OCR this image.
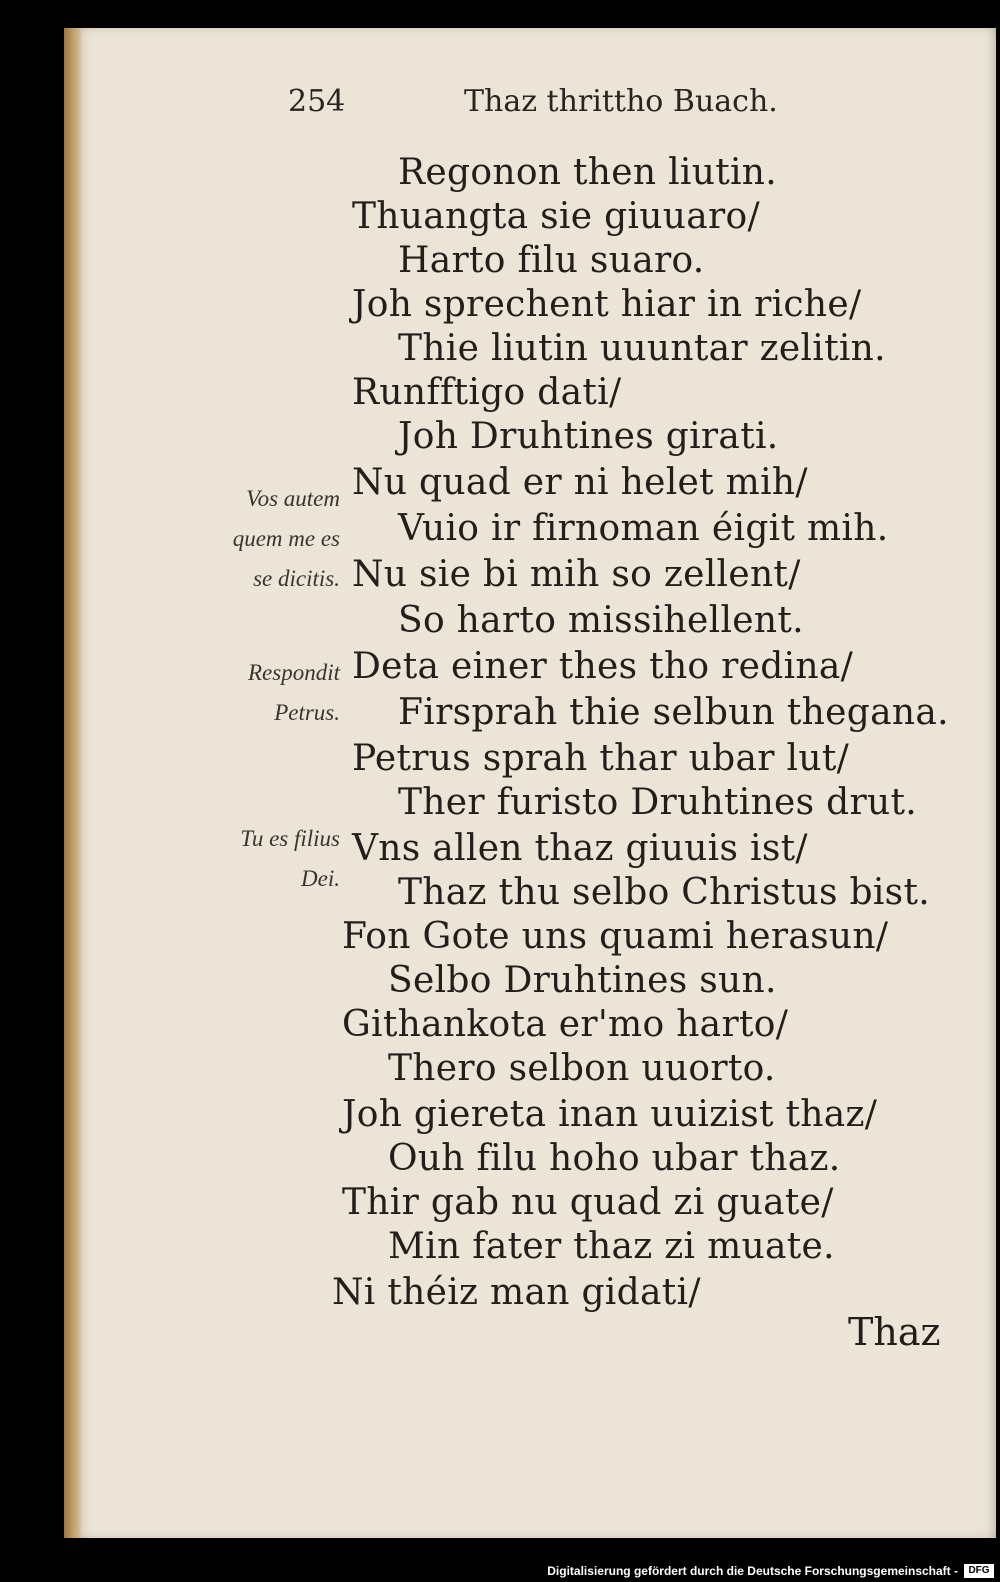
254	Thaz thrittho Buach.
Regonon then liutin.
Thuangta sie giuuaro/
Harto filu suaro.
Joh sprechent hiar in riche/
Thie liutin uuuntar zelitin.
Runfftigo dati/
Joh Druhtines girati.
Nu quad er ni helet mih/
Vuio ir firnoman éigit mih.
Nu sie bi mih so zellent/
So harto missihellent.
Deta einer thes tho redina/
Firsprah thie selbun thegana.
Petrus sprah thar ubar lut/
Ther furisto Druhtines drut.
Vns allen thaz giuuis ist/
Thaz thu selbo Christus bist.
Fon Gote uns quami herasun/
Selbo Druhtines sun.
Githankota er'mo harto/
Thero selbon uuorto.
Joh giereta inan uuizist thaz/
Ouh filu hoho ubar thaz.
Thir gab nu quad zi guate/
Min fater thaz zi muate.
Ni théiz man gidati/
Vos autem
quem me es
se dicitis.
Respondit
Petrus.
Tu es filius
Dei.
Thaz
Digitalisierung gefördert durch die Deutsche Forschungsgemeinschaft -	DFG
